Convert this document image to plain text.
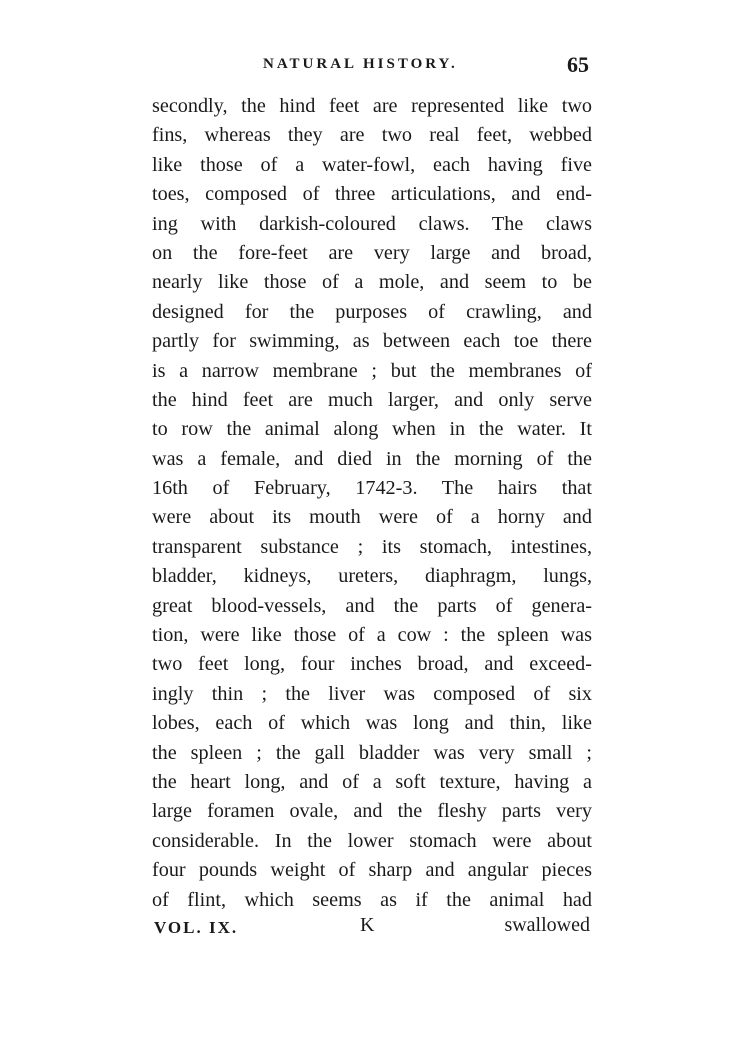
NATURAL HISTORY.	65
secondly, the hind feet are represented like two
fins, whereas they are two real feet, webbed
like those of a water-fowl, each having five
toes, composed of three articulations, and end-
ing with darkish-coloured claws. The claws
on the fore-feet are very large and broad,
nearly like those of a mole, and seem to be
designed for the purposes of crawling, and
partly for swimming, as between each toe there
is a narrow membrane ; but the membranes of
the hind feet are much larger, and only serve
to row the animal along when in the water. It
was a female, and died in the morning of the
16th of February, 1742-3. The hairs that
were about its mouth were of a horny and
transparent substance ; its stomach, intestines,
bladder, kidneys, ureters, diaphragm, lungs,
great blood-vessels, and the parts of genera-
tion, were like those of a cow : the spleen was
two feet long, four inches broad, and exceed-
ingly thin ; the liver was composed of six
lobes, each of which was long and thin, like
the spleen ; the gall bladder was very small ;
the heart long, and of a soft texture, having a
large foramen ovale, and the fleshy parts very
considerable. In the lower stomach were about
four pounds weight of sharp and angular pieces
of flint, which seems as if the animal had
VOL. IX.	K	swallowed
